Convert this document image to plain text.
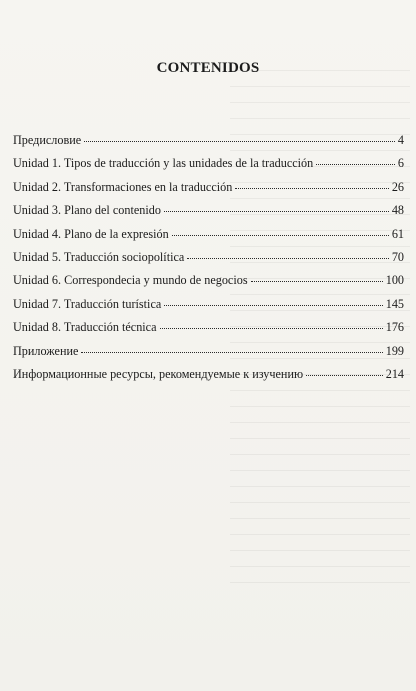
CONTENIDOS
Предисловие	4
Unidad 1. Tipos de traducción y las unidades de la traducción	6
Unidad 2. Transformaciones en la traducción	26
Unidad 3. Plano del contenido	48
Unidad 4. Plano de la expresión	61
Unidad 5. Traducción sociopolítica	70
Unidad 6. Correspondecia y mundo de negocios	100
Unidad 7. Traducción turística	145
Unidad 8. Traducción técnica	176
Приложение	199
Информационные ресурсы, рекомендуемые к изучению	214
